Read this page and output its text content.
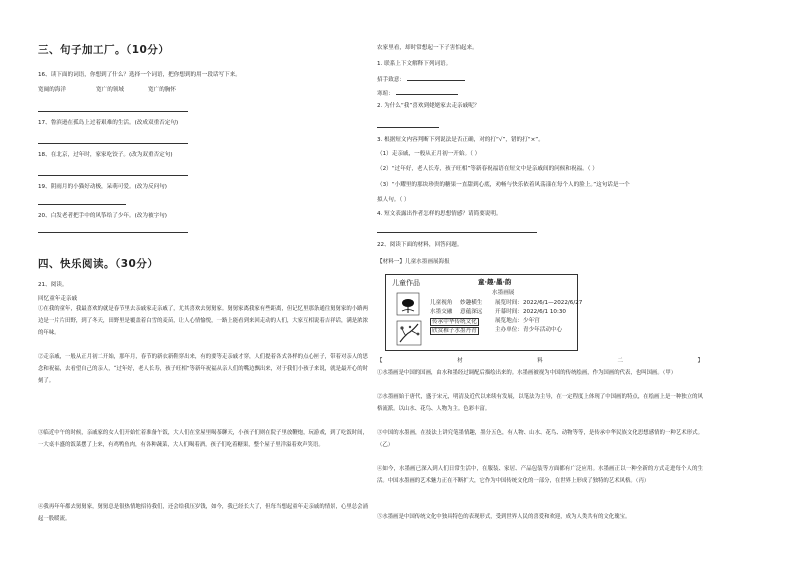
三、句子加工厂。（10分）
16、读下面的词语，你想到了什么？选择一个词语，把你想到的用一段话写下来。
宽阔的海洋	宽广的领域	宽广的胸怀
17、鲁滨逊在孤岛上过着艰难的生活。(改成双重否定句)
18、在北京，过年时，家家吃饺子。(改为双重否定句)
19、阴雨月的小猫好动极，呆萌可爱。(改为反问句)
20、白发老者把手中的风筝给了少年。(改为被字句)
四、快乐阅读。（30分）
21、阅读。
回忆童年走亲戚
①在我的童年，我最喜欢的就是春节里去亲戚家走亲戚了，尤其喜欢去舅舅家。舅舅家离我家有些距离，但记忆里那条通往舅舅家的小路两边是一片片田野，到了冬天，田野里是覆盖着白雪的麦苗，让人心情愉悦，一路上能看到来回走动的人们，大家互相说着吉祥话，满是浓浓的年味。
②走亲戚，一般从正月初二开始，那年月，春节的新衣新鞋穿出来，有的要等走亲戚才穿，人们提着各式各样的点心匣子，带着对亲人的思念和祝福，去看望自己的亲人，“过年好，老人长寿，孩子旺相”等新年祝福从亲人们的嘴边飘出来，对于我们小孩子来说，就是最开心的时刻了。
③临近中午的时候，亲戚家的女人们开始忙着准备午饭，大人们在堂屋里喝茶聊天，小孩子们则在院子里放鞭炮，玩游戏，到了吃饭时间，一大桌丰盛的饭菜摆了上来，有鸡鸭鱼肉，有各种蔬菜，大人们喝着酒，孩子们吃着糖果，整个屋子里洋溢着欢声笑语。
④我再年年都去舅舅家，舅舅总是很热情地招待我们，还会给我压岁钱，如今，我已经长大了，但每当想起童年走亲戚的情景，心里总会涌起一股暖流。
农家里看，却时常想起一下子害怕起来。
1. 联系上下文解释下列词语。
招手致意：
寒暄：
2. 为什么“我”喜欢到姥姥家去走亲戚呢？
3. 根据短文内容判断下列说法是否正确，对的打“√”，错的打“×”。
（1）走亲戚，一般从正月初一开始。（ ）
（2）“过年好，老人长寿，孩子旺相”等新春祝福语在短文中是亲戚间的问候和祝福。（ ）
（3）“小耀里的那块珍贵的糖果一直甜到心底，劝畅与快乐依着风荡漾在每个人的脸上。”这句话是一个
拟人句。（ ）
4. 短文表露出作者怎样的思想情感？请简要说明。
22、阅读下面的材料，回答问题。
【材料一】儿童水墨画展海报
儿童作品	童·趣·墨·韵
水墨画展
儿童视角 妙趣横生
水墨交融 意蕴深远
传承中华传统文化
欣赏稚子水墨丹青
展览时间：2022/6/1—2022/6/27
开幕时间：2022/6/1 10:30
展览地点：少年宫
主办单位：青少年活动中心
【材料二】①水墨画是中国的国画，由水和墨经过调配后描绘出来的。水墨画被视为中国的传统绘画，作为国画的代表，也叫国画。（甲）
②水墨画始于唐代，盛于宋元，明清及近代以来续有发展，以笔法为主导，在一定程度上体现了中国画的特点，在绘画上是一种独立的风格流派。以山水、花鸟、人物为主。色彩丰富。
③中国的水墨画，在技法上讲究笔墨情趣，墨分五色，有人物、山水、花鸟、动物等等，是传承中华民族文化思想感情的一种艺术形式。（乙）
④如今，水墨画已深入到人们日常生活中，在服装、家居、产品包装等方面都有广泛应用。水墨画正以一种全新的方式走进每个人的生活。中国水墨画的艺术魅力正在不断扩大，它作为中国传统文化的一部分，在世界上形成了独特的艺术风格。（丙）
⑤水墨画是中国传统文化中独具特色的表现形式，受到世界人民的喜爱和欢迎，成为人类共有的文化瑰宝。
